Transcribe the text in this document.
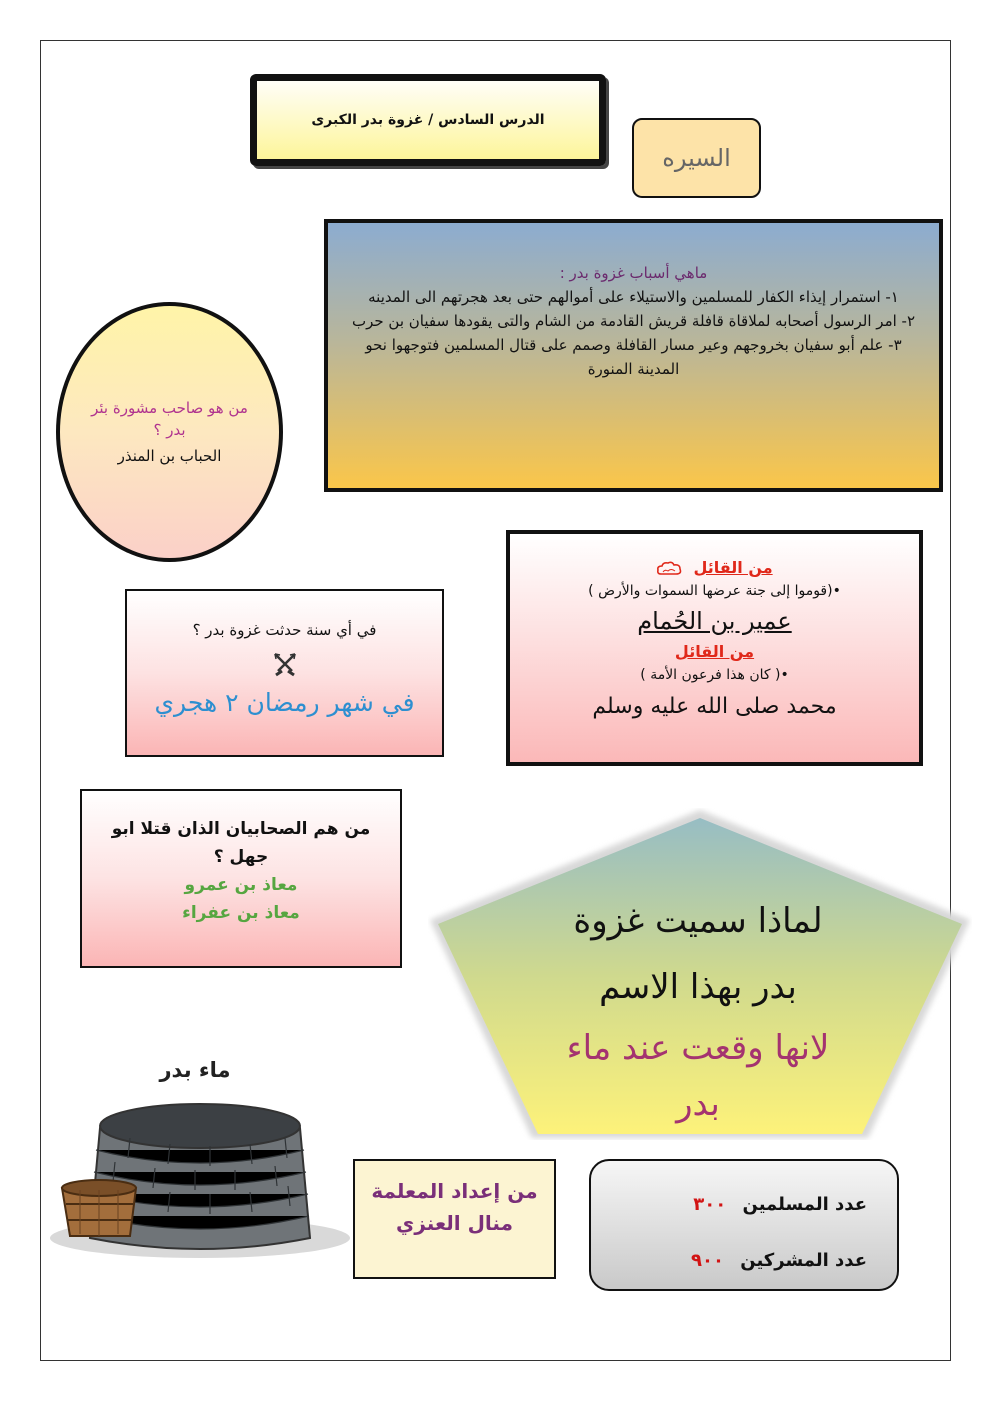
الدرس السادس / غزوة بدر الكبرى
السيره
ماهي أسباب غزوة بدر :
١- استمرار إيذاء الكفار للمسلمين والاستيلاء على أموالهم حتى بعد هجرتهم الى المدينه
٢- امر الرسول أصحابه لملاقاة قافلة قريش القادمة من الشام والتى يقودها سفيان بن حرب
٣- علم أبو سفيان بخروجهم وعير مسار القافلة وصمم على قتال المسلمين فتوجهوا نحو المدينة المنورة
من هو صاحب مشورة بئر بدر ؟
الحباب بن المنذر
من القائل
•(قوموا إلى جنة عرضها السموات والأرض )
عمير بن الحُمام
من القائل
•( كان هذا فرعون الأمة )
محمد صلى الله عليه وسلم
في أي سنة حدثت غزوة بدر ؟
في شهر رمضان ٢ هجري
من هم الصحابيان الذان قتلا ابو جهل ؟
معاذ بن عمرو
معاذ بن عفراء	لماذا سميت غزوة
بدر بهذا الاسم
لانها وقعت عند ماء
بدر
ماء بدر
من إعداد المعلمة
منال العنزي
عدد المسلمين ٣٠٠
عدد المشركين ٩٠٠
